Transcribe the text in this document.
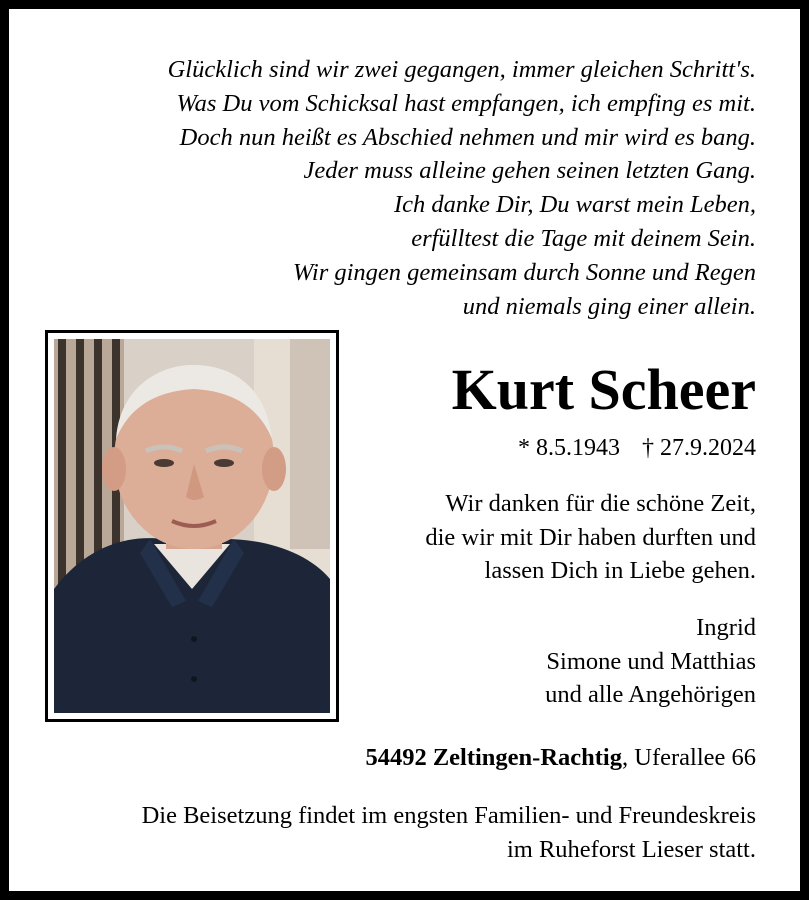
Glücklich sind wir zwei gegangen, immer gleichen Schritt's.
Was Du vom Schicksal hast empfangen, ich empfing es mit.
Doch nun heißt es Abschied nehmen und mir wird es bang.
Jeder muss alleine gehen seinen letzten Gang.
Ich danke Dir, Du warst mein Leben,
erfülltest die Tage mit deinem Sein.
Wir gingen gemeinsam durch Sonne und Regen
und niemals ging einer allein.
Kurt Scheer
* 8.5.1943 † 27.9.2024
Wir danken für die schöne Zeit,
die wir mit Dir haben durften und
lassen Dich in Liebe gehen.
Ingrid
Simone und Matthias
und alle Angehörigen
54492 Zeltingen-Rachtig, Uferallee 66
Die Beisetzung findet im engsten Familien- und Freundeskreis
im Ruheforst Lieser statt.
